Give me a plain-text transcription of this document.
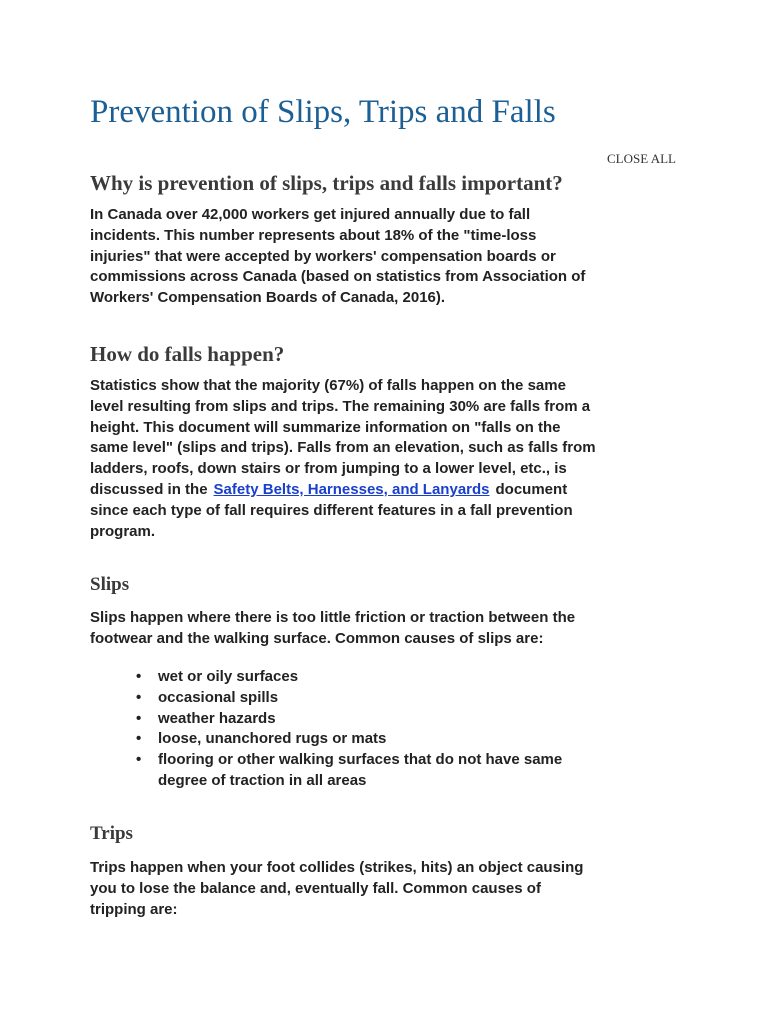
Prevention of Slips, Trips and Falls
CLOSE ALL
Why is prevention of slips, trips and falls important?

In Canada over 42,000 workers get injured annually due to fall
incidents. This number represents about 18% of the "time-loss
injuries" that were accepted by workers' compensation boards or
commissions across Canada (based on statistics from Association of
Workers' Compensation Boards of Canada, 2016).

How do falls happen?

Statistics show that the majority (67%) of falls happen on the same
level resulting from slips and trips. The remaining 30% are falls from a
height. This document will summarize information on "falls on the
same level" (slips and trips). Falls from an elevation, such as falls from
ladders, roofs, down stairs or from jumping to a lower level, etc., is
discussed in the Safety Belts, Harnesses, and Lanyards document
since each type of fall requires different features in a fall prevention
program.

Slips

Slips happen where there is too little friction or traction between the
footwear and the walking surface. Common causes of slips are:

• wet or oily surfaces
• occasional spills
• weather hazards
• loose, unanchored rugs or mats
• flooring or other walking surfaces that do not have same
degree of traction in all areas
Trips

Trips happen when your foot collides (strikes, hits) an object causing
you to lose the balance and, eventually fall. Common causes of
tripping are:
